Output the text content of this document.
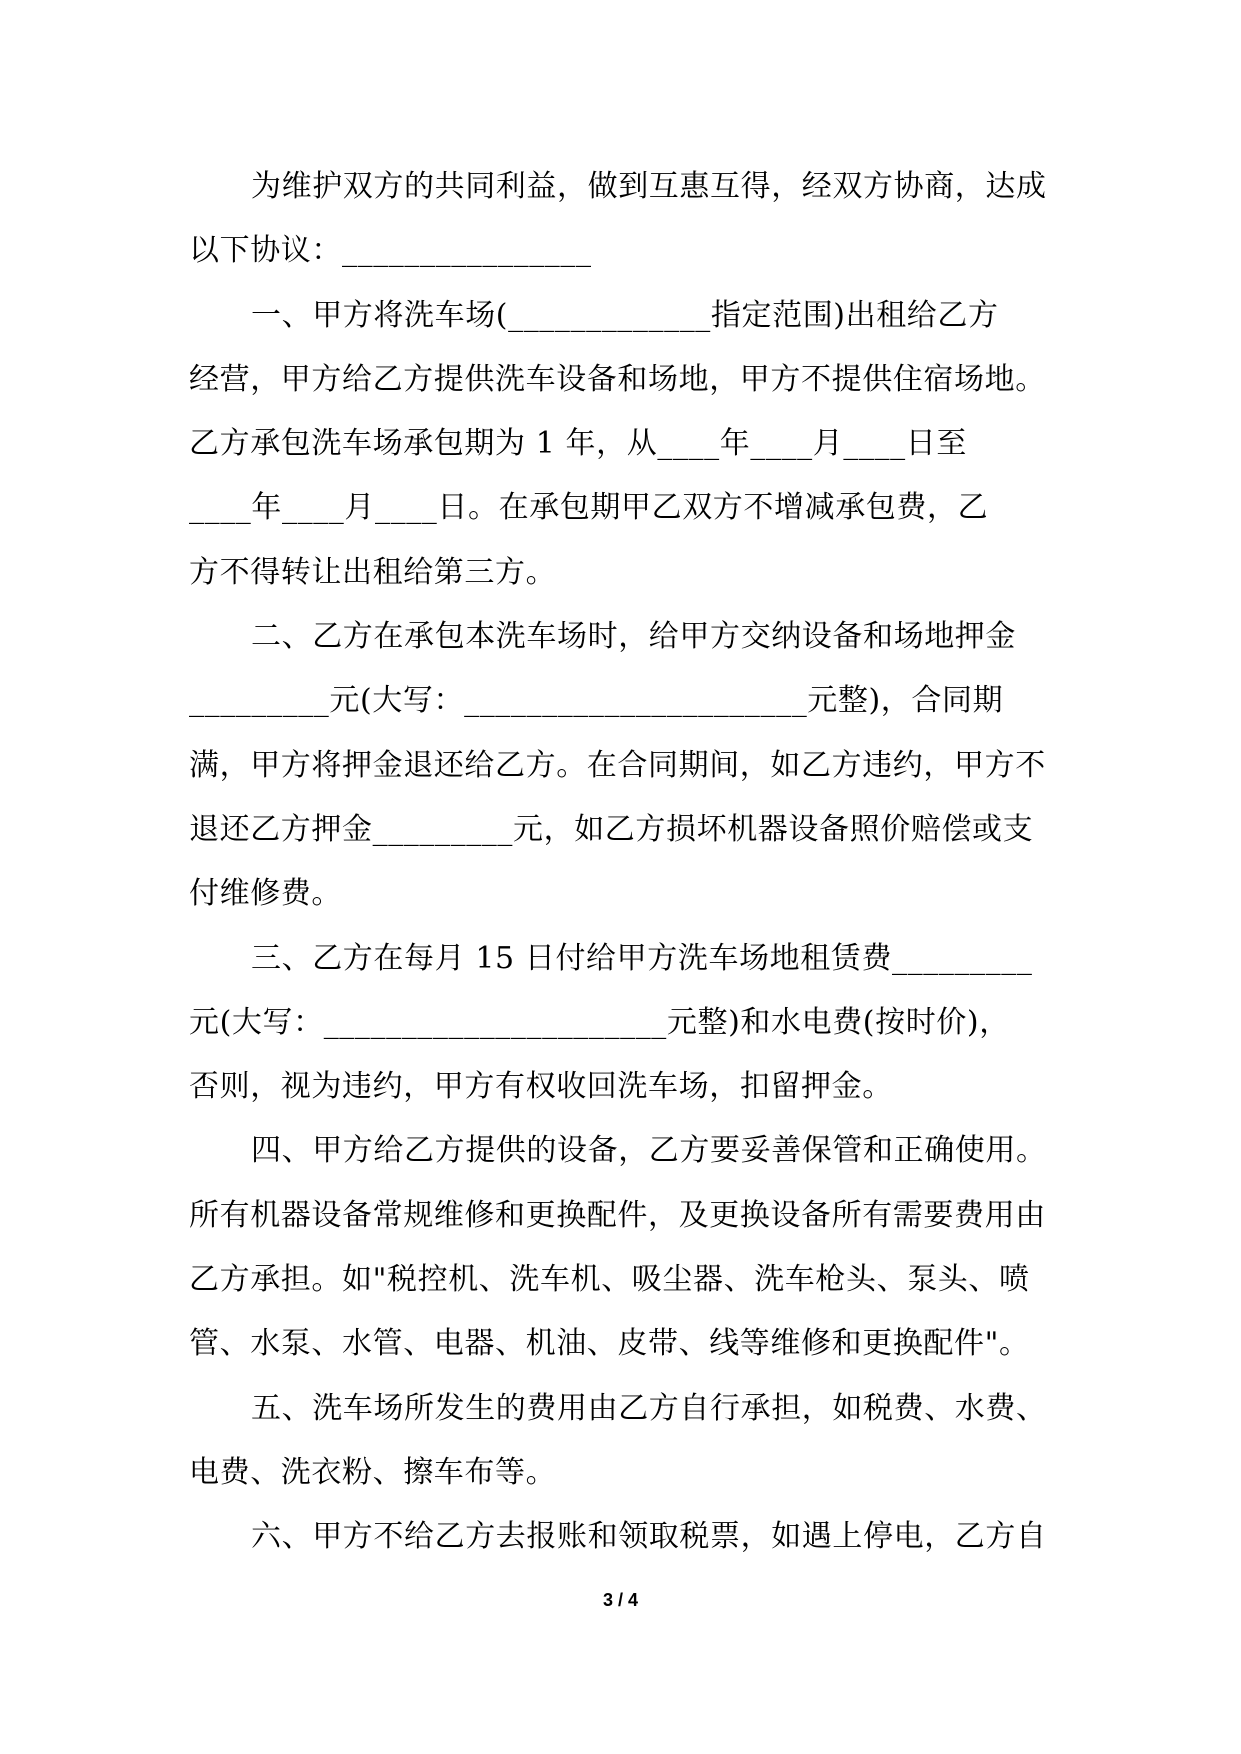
为维护双方的共同利益，做到互惠互得，经双方协商，达成
以下协议：________________
一、甲方将洗车场(_____________指定范围)出租给乙方
经营，甲方给乙方提供洗车设备和场地，甲方不提供住宿场地。
乙方承包洗车场承包期为 1 年，从____年____月____日至
____年____月____日。在承包期甲乙双方不增减承包费，乙
方不得转让出租给第三方。
二、乙方在承包本洗车场时，给甲方交纳设备和场地押金
_________元(大写：______________________元整)，合同期
满，甲方将押金退还给乙方。在合同期间，如乙方违约，甲方不
退还乙方押金_________元，如乙方损坏机器设备照价赔偿或支
付维修费。
三、乙方在每月 15 日付给甲方洗车场地租赁费_________
元(大写：______________________元整)和水电费(按时价)，
否则，视为违约，甲方有权收回洗车场，扣留押金。
四、甲方给乙方提供的设备，乙方要妥善保管和正确使用。
所有机器设备常规维修和更换配件，及更换设备所有需要费用由
乙方承担。如"税控机、洗车机、吸尘器、洗车枪头、泵头、喷
管、水泵、水管、电器、机油、皮带、线等维修和更换配件"。
五、洗车场所发生的费用由乙方自行承担，如税费、水费、
电费、洗衣粉、擦车布等。
六、甲方不给乙方去报账和领取税票，如遇上停电，乙方自
3 / 4
